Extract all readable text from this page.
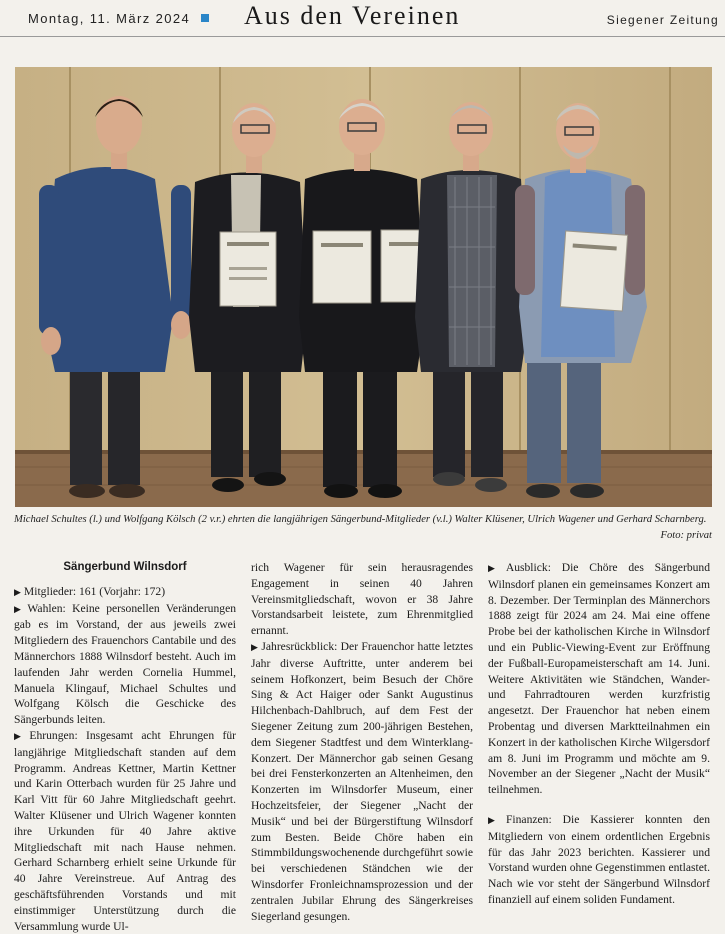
Montag, 11. März 2024 Aus den Vereinen	Siegener Zeitung
Michael Schultes (l.) und Wolfgang Kölsch (2 v.r.) ehrten die langjährigen Sängerbund-Mitglieder (v.l.) Walter Klüsener, Ulrich Wagener und Gerhard Scharnberg.
Foto: privat

Sängerbund Wilnsdorf

▶ Mitglieder: 161 (Vorjahr: 172)

▶ Wahlen: Keine personellen Veränderungen gab es im Vorstand, der aus jeweils zwei Mitgliedern des Frauenchors Cantabile und des Männerchors 1888 Wilnsdorf besteht. Auch im laufenden Jahr werden Cornelia Hummel, Manuela Klingauf, Michael Schultes und Wolfgang Kölsch die Geschicke des Sängerbunds leiten.

▶ Ehrungen: Insgesamt acht Ehrungen für langjährige Mitgliedschaft standen auf dem Programm. Andreas Kettner, Martin Kettner und Karin Otterbach wurden für 25 Jahre und Karl Vitt für 60 Jahre Mitgliedschaft geehrt. Walter Klüsener und Ulrich Wagener konnten ihre Urkunden für 40 Jahre aktive Mitgliedschaft mit nach Hause nehmen. Gerhard Scharnberg erhielt seine Urkunde für 40 Jahre Vereinstreue. Auf Antrag des geschäftsführenden Vorstands und mit einstimmiger Unterstützung durch die Versammlung wurde Ul-

rich Wagener für sein herausragendes Engagement in seinen 40 Jahren Vereinsmitgliedschaft, wovon er 38 Jahre Vorstandsarbeit leistete, zum Ehrenmitglied ernannt.

▶ Jahresrückblick: Der Frauenchor hatte letztes Jahr diverse Auftritte, unter anderem bei seinem Hofkonzert, beim Besuch der Chöre Sing & Act Haiger oder Sankt Augustinus Hilchenbach-Dahlbruch, auf dem Fest der Siegener Zeitung zum 200-jährigen Bestehen, dem Siegener Stadtfest und dem Winterklang-Konzert. Der Männerchor gab seinen Gesang bei drei Fensterkonzerten an Altenheimen, den Konzerten im Wilnsdorfer Museum, einer Hochzeitsfeier, der Siegener „Nacht der Musik“ und bei der Bürgerstiftung Wilnsdorf zum Besten. Beide Chöre haben ein Stimmbildungswochenende durchgeführt sowie bei verschiedenen Ständchen wie der Winsdorfer Fronleichnamsprozession und der zentralen Jubilar Ehrung des Sängerkreises Siegerland gesungen.

▶ Ausblick: Die Chöre des Sängerbund Wilnsdorf planen ein gemeinsames Konzert am 8. Dezember. Der Terminplan des Männerchors 1888 zeigt für 2024 am 24. Mai eine offene Probe bei der katholischen Kirche in Wilnsdorf und ein Public-Viewing-Event zur Eröffnung der Fußball-Europameisterschaft am 14. Juni. Weitere Aktivitäten wie Ständchen, Wander- und Fahrradtouren werden kurzfristig angesetzt. Der Frauenchor hat neben einem Probentag und diversen Marktteilnahmen ein Konzert in der katholischen Kirche Wilgersdorf am 8. Juni im Programm und möchte am 9. November an der Siegener „Nacht der Musik“ teilnehmen.

▶ Finanzen: Die Kassierer konnten den Mitgliedern von einem ordentlichen Ergebnis für das Jahr 2023 berichten. Kassierer und Vorstand wurden ohne Gegenstimmen entlastet. Nach wie vor steht der Sängerbund Wilnsdorf finanziell auf einem soliden Fundament.
